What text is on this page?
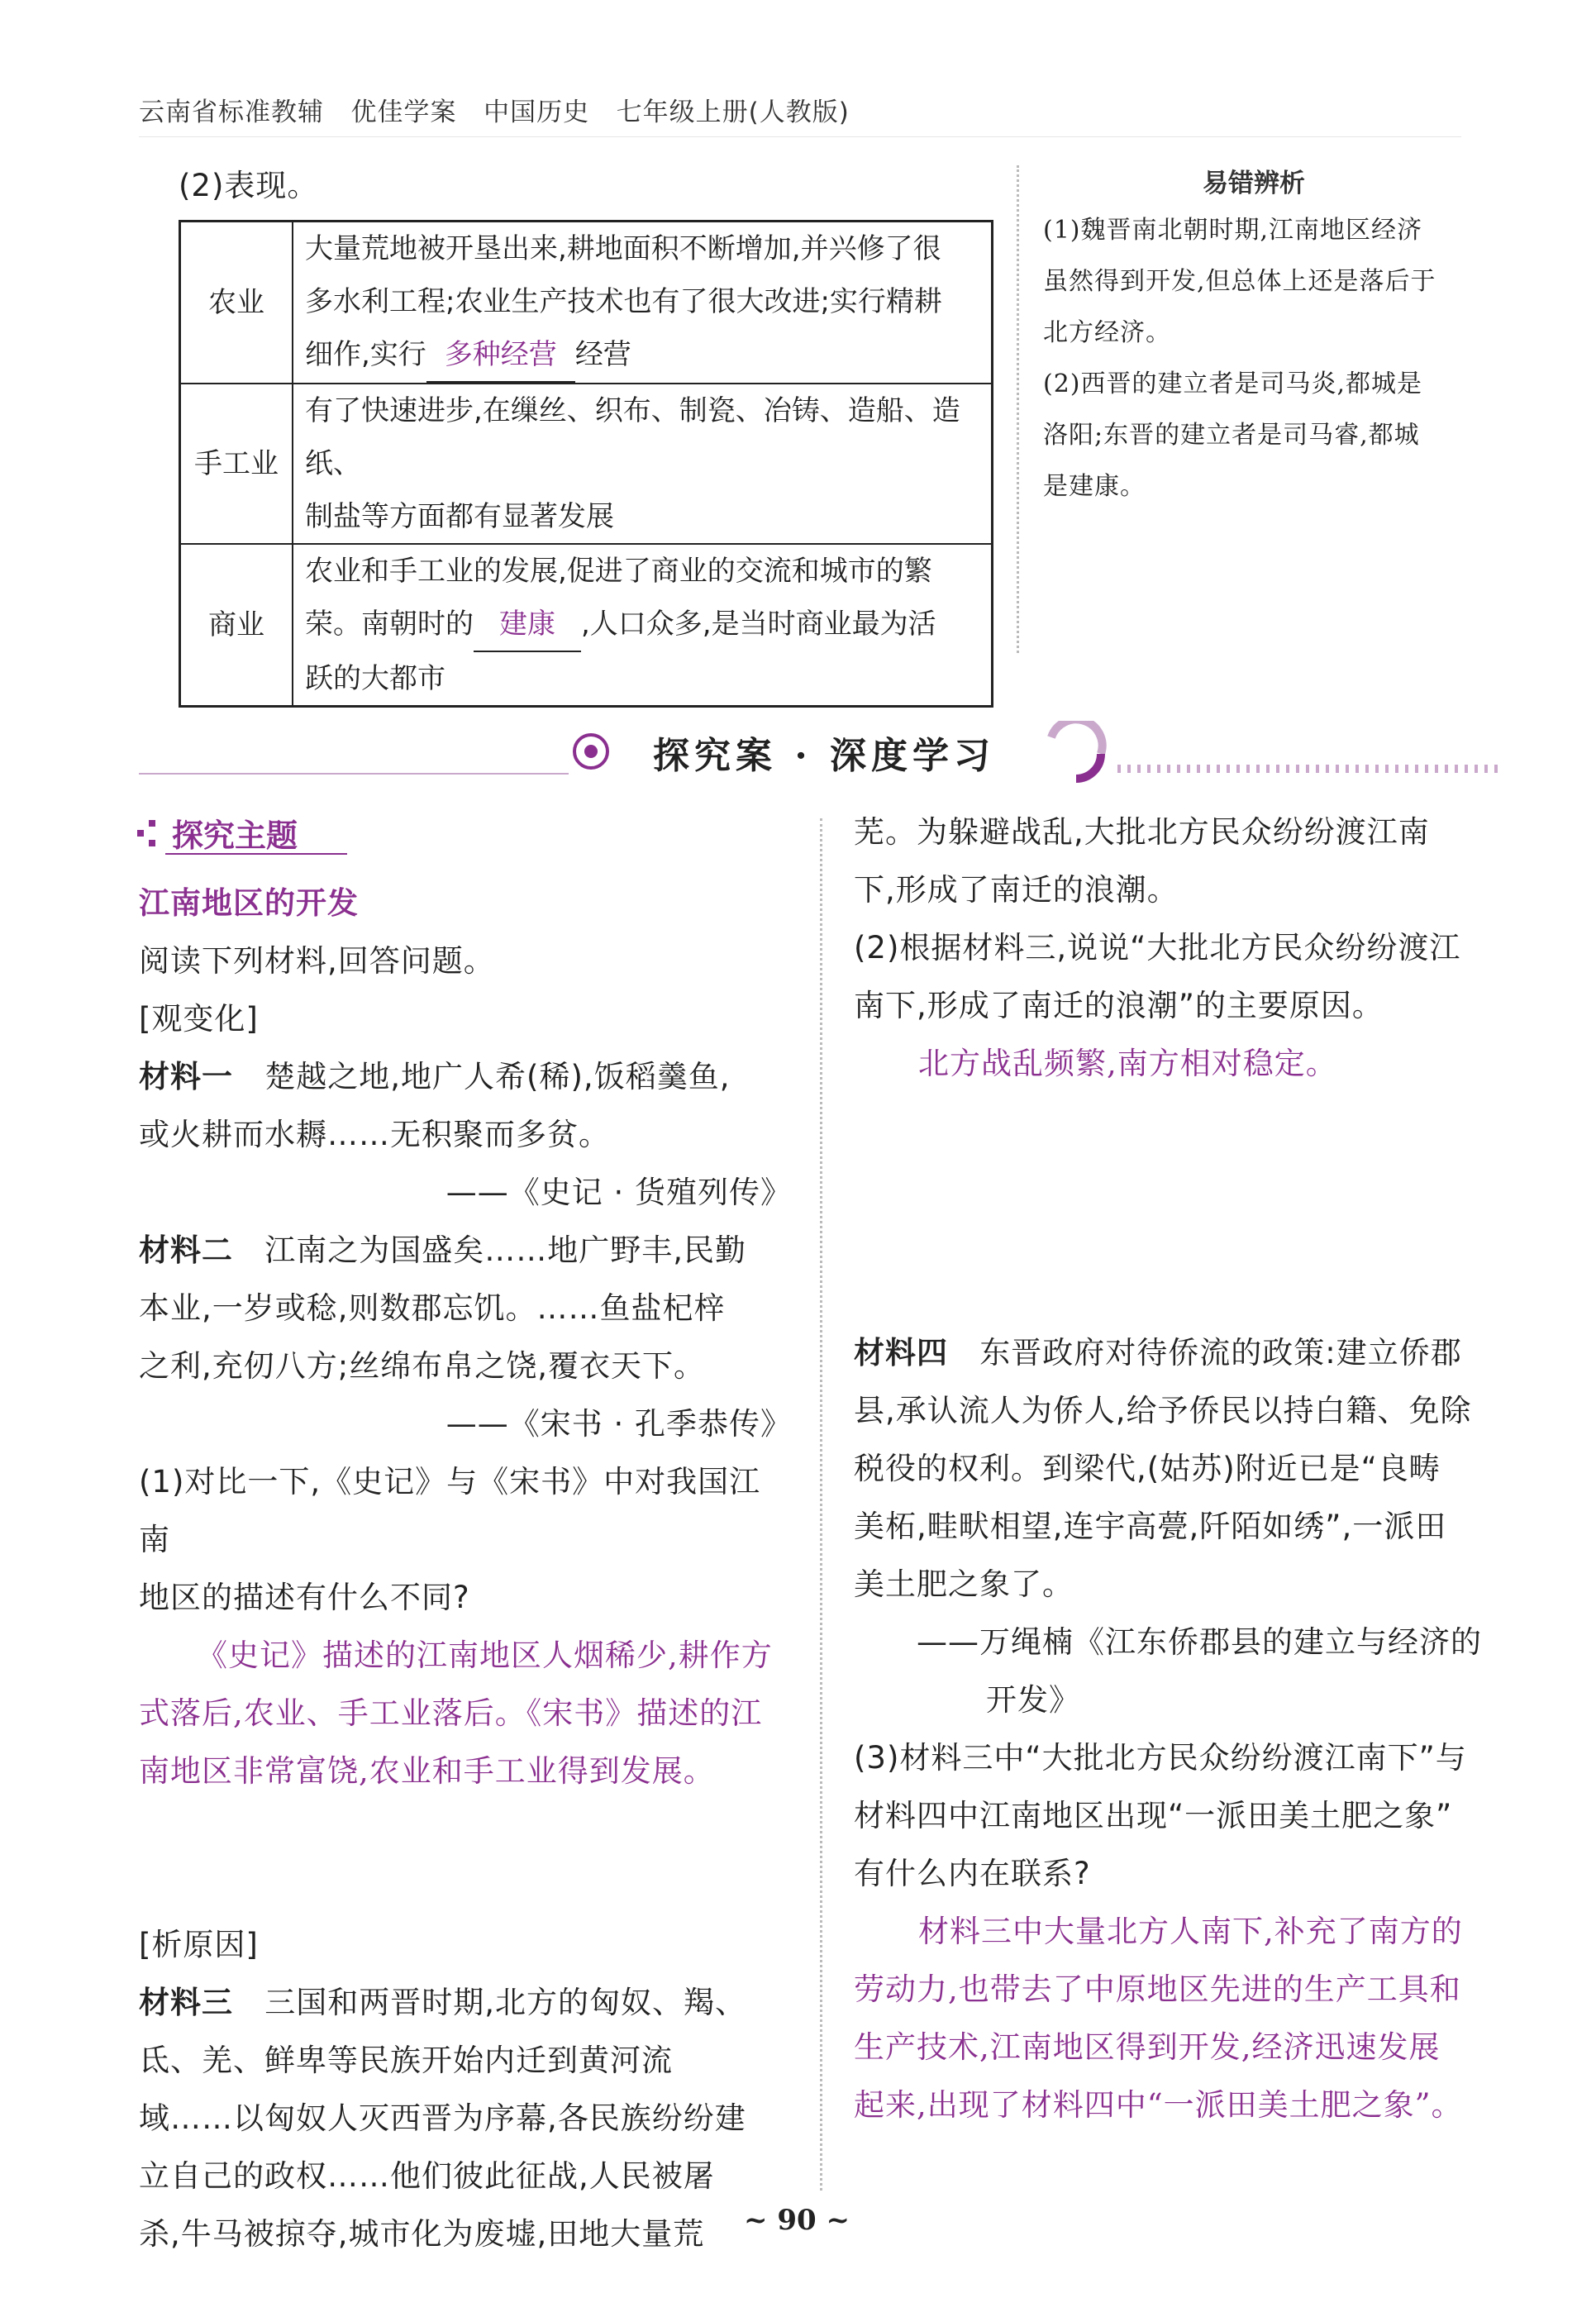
云南省标准教辅   优佳学案   中国历史   七年级上册(人教版)
(2)表现。
农业	大量荒地被开垦出来,耕地面积不断增加,并兴修了很
多水利工程;农业生产技术也有了很大改进;实行精耕
细作,实行 多种经营 经营

手工业	有了快速进步,在缫丝、织布、制瓷、冶铸、造船、造纸、
制盐等方面都有显著发展

商业	农业和手工业的发展,促进了商业的交流和城市的繁
荣。南朝时的 建康 ,人口众多,是当时商业最为活
跃的大都市
易错辨析
(1)魏晋南北朝时期,江南地区经济
虽然得到开发,但总体上还是落后于
北方经济。
(2)西晋的建立者是司马炎,都城是
洛阳;东晋的建立者是司马睿,都城
是建康。
探究案 · 深度学习
探究主题
江南地区的开发
阅读下列材料,回答问题。
[观变化]
材料一 楚越之地,地广人希(稀),饭稻羹鱼,
或火耕而水耨……无积聚而多贫。
——《史记 · 货殖列传》
材料二 江南之为国盛矣……地广野丰,民勤
本业,一岁或稔,则数郡忘饥。……鱼盐杞梓
之利,充仞八方;丝绵布帛之饶,覆衣天下。
——《宋书 · 孔季恭传》
(1)对比一下,《史记》与《宋书》中对我国江南
地区的描述有什么不同?
《史记》描述的江南地区人烟稀少,耕作方
式落后,农业、手工业落后。《宋书》描述的江
南地区非常富饶,农业和手工业得到发展。
[析原因]
材料三 三国和两晋时期,北方的匈奴、羯、
氐、羌、鲜卑等民族开始内迁到黄河流
域……以匈奴人灭西晋为序幕,各民族纷纷建
立自己的政权……他们彼此征战,人民被屠
杀,牛马被掠夺,城市化为废墟,田地大量荒
芜。为躲避战乱,大批北方民众纷纷渡江南
下,形成了南迁的浪潮。
(2)根据材料三,说说“大批北方民众纷纷渡江
南下,形成了南迁的浪潮”的主要原因。
北方战乱频繁,南方相对稳定。
材料四 东晋政府对待侨流的政策:建立侨郡
县,承认流人为侨人,给予侨民以持白籍、免除
税役的权利。到梁代,(姑苏)附近已是“良畴
美柘,畦畎相望,连宇高甍,阡陌如绣”,一派田
美土肥之象了。
——万绳楠《江东侨郡县的建立与经济的
开发》
(3)材料三中“大批北方民众纷纷渡江南下”与
材料四中江南地区出现“一派田美土肥之象”
有什么内在联系?
材料三中大量北方人南下,补充了南方的
劳动力,也带去了中原地区先进的生产工具和
生产技术,江南地区得到开发,经济迅速发展
起来,出现了材料四中“一派田美土肥之象”。
~ 90 ~
